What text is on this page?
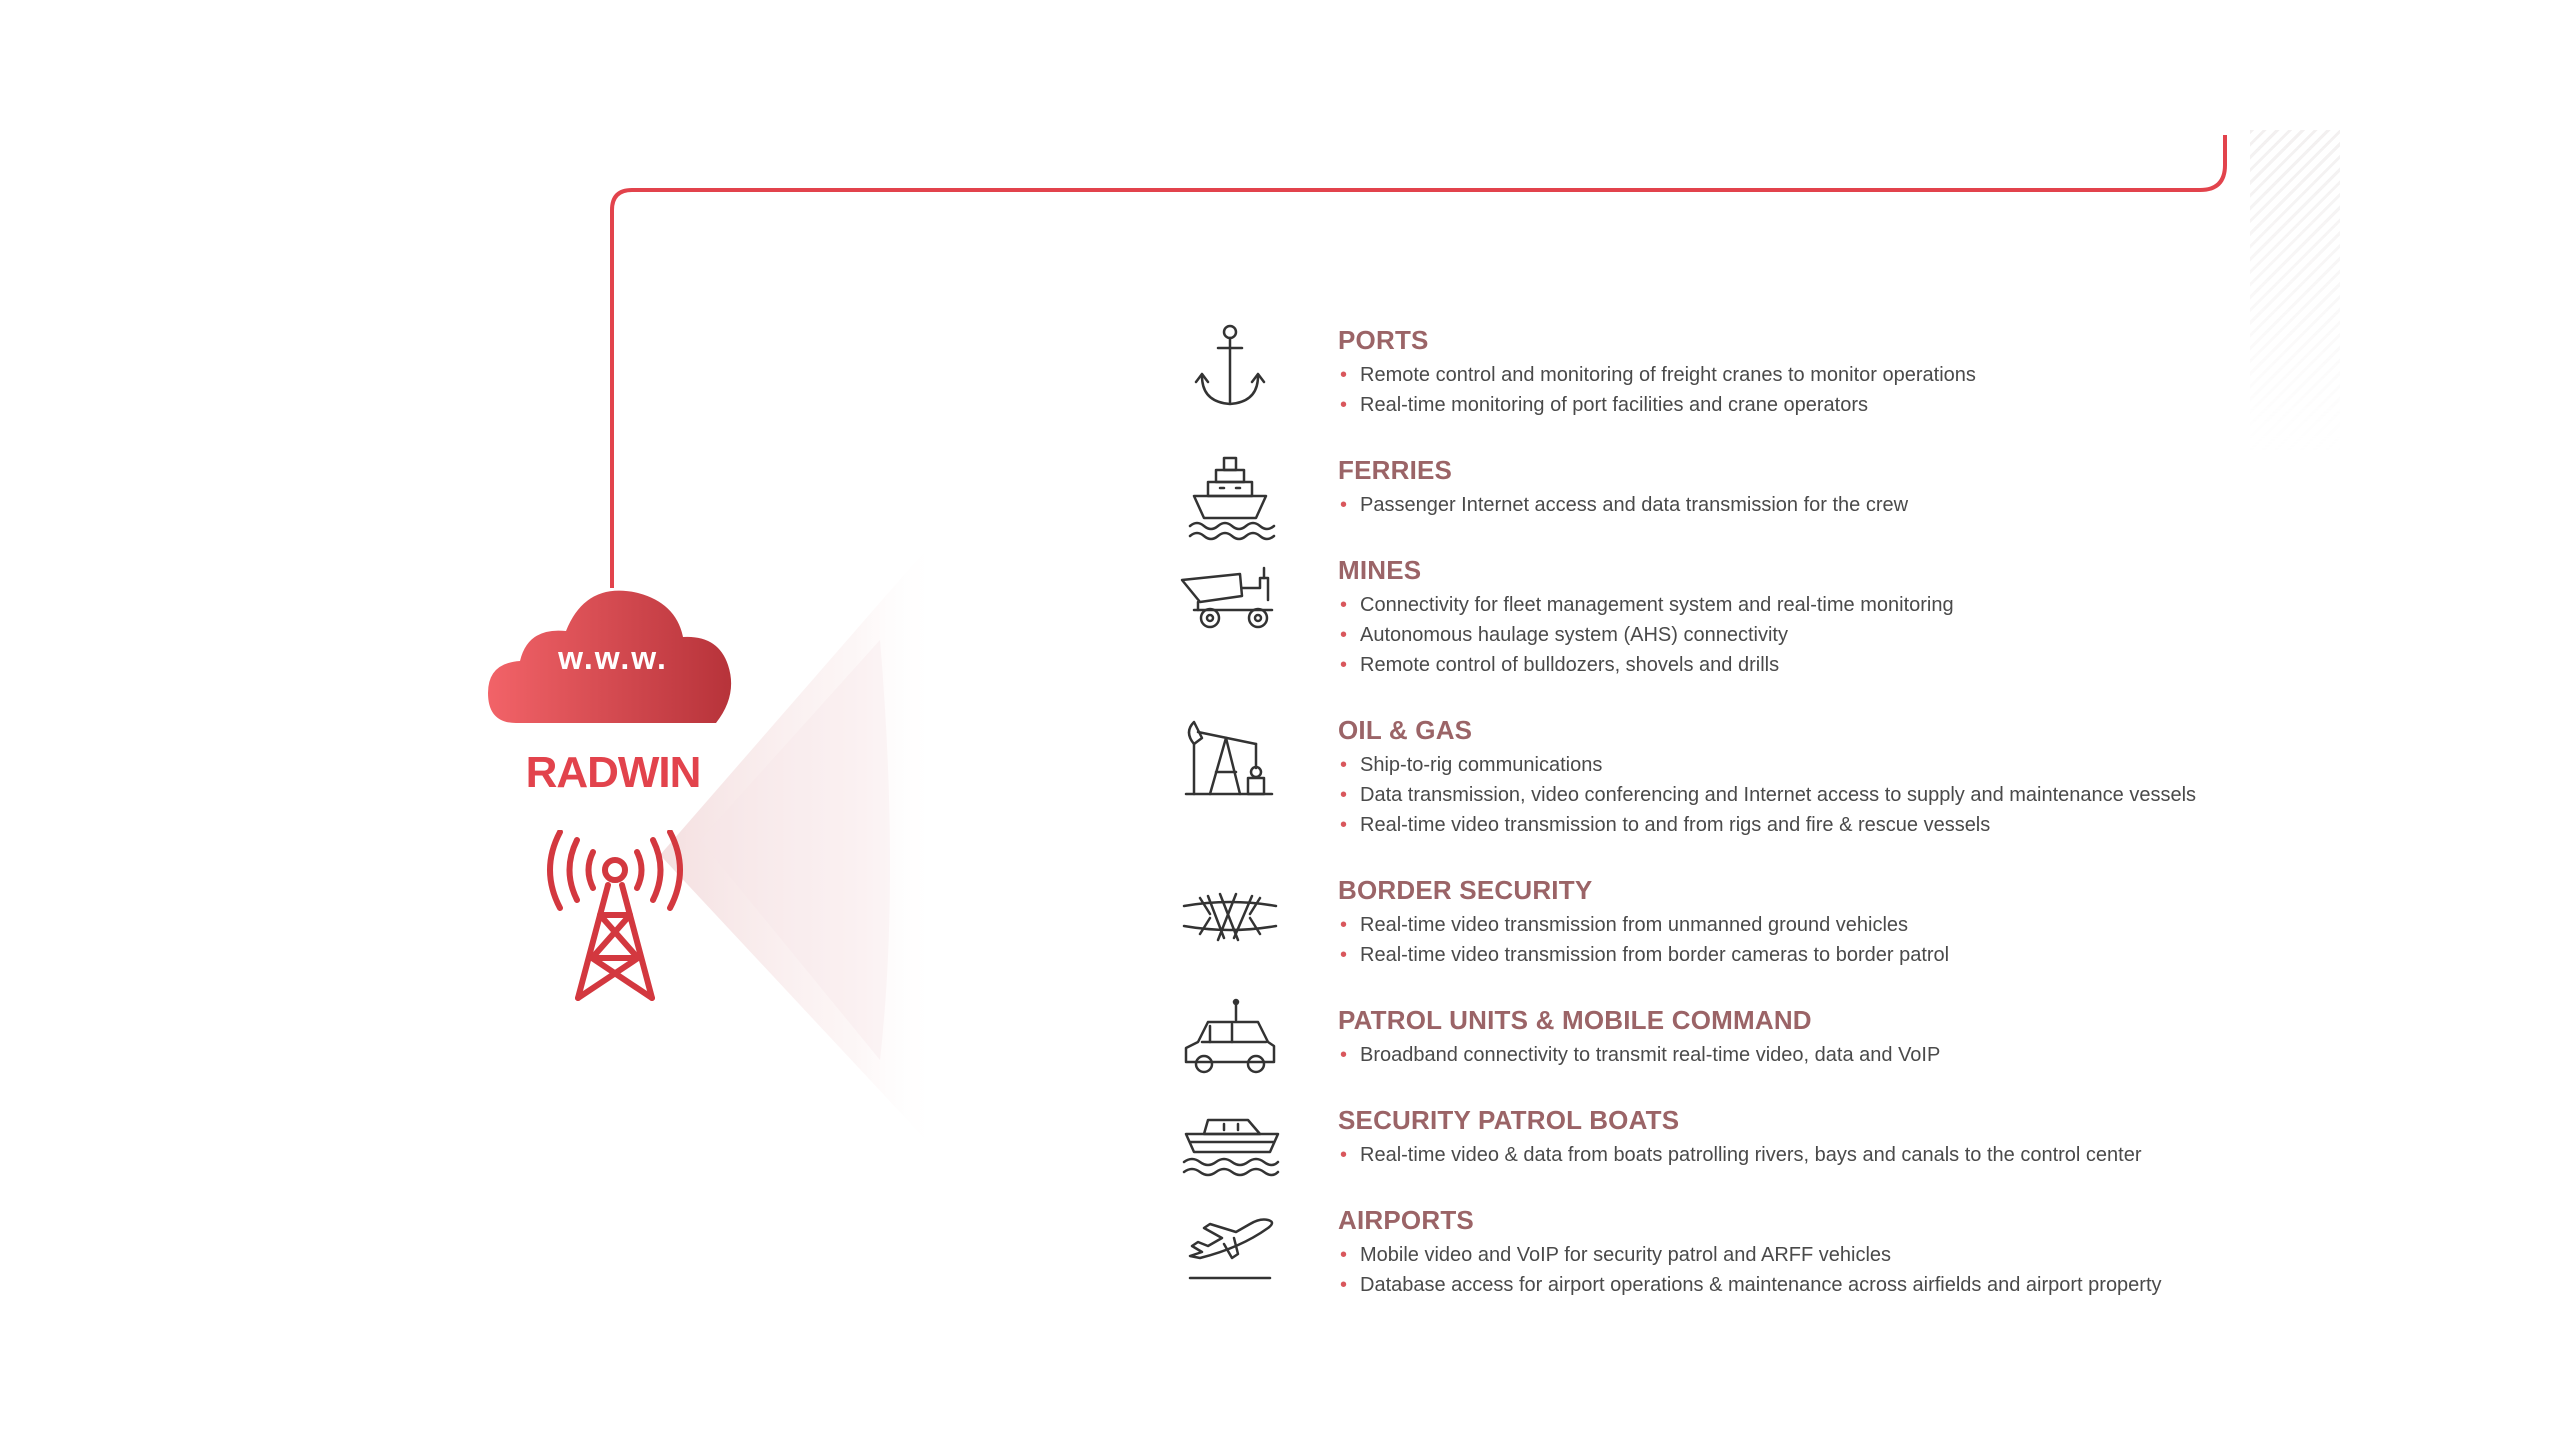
w.w.w.
RADWIN
PORTS
• Remote control and monitoring of freight cranes to monitor operations
• Real-time monitoring of port facilities and crane operators
FERRIES
• Passenger Internet access and data transmission for the crew
MINES
• Connectivity for fleet management system and real-time monitoring
• Autonomous haulage system (AHS) connectivity
• Remote control of bulldozers, shovels and drills
OIL & GAS
• Ship-to-rig communications
• Data transmission, video conferencing and Internet access to supply and maintenance vessels
• Real-time video transmission to and from rigs and fire & rescue vessels
BORDER SECURITY
• Real-time video transmission from unmanned ground vehicles
• Real-time video transmission from border cameras to border patrol
PATROL UNITS & MOBILE COMMAND
• Broadband connectivity to transmit real-time video, data and VoIP
SECURITY PATROL BOATS
• Real-time video & data from boats patrolling rivers, bays and canals to the control center
AIRPORTS
• Mobile video and VoIP for security patrol and ARFF vehicles
• Database access for airport operations & maintenance across airfields and airport property
